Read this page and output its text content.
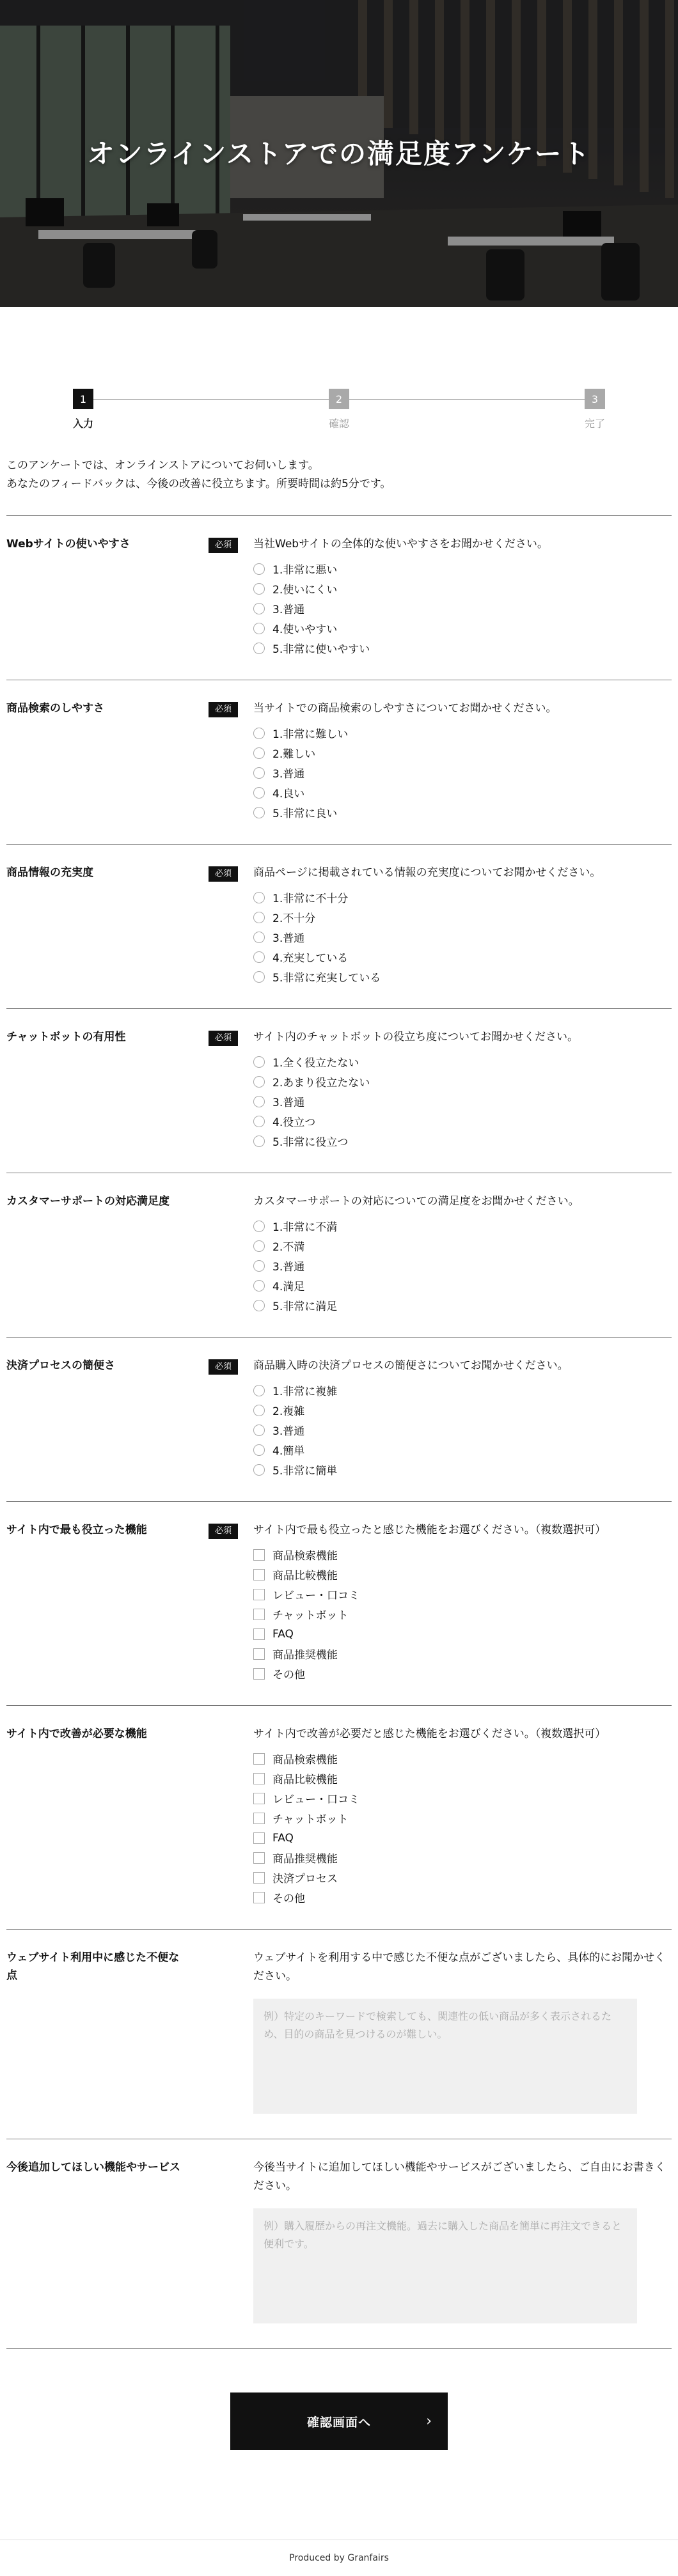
オンラインストアでの満足度アンケート
1
入力
2
確認
3
完了

このアンケートでは、オンラインストアについてお伺いします。

あなたのフィードバックは、今後の改善に役立ちます。所要時間は約5分です。

Webサイトの使いやすさ	必須	当社Webサイトの全体的な使いやすさをお聞かせください。

1.非常に悪い
2.使いにくい
3.普通
4.使いやすい
5.非常に使いやすい
商品検索のしやすさ	必須	当サイトでの商品検索のしやすさについてお聞かせください。

1.非常に難しい
2.難しい
3.普通
4.良い
5.非常に良い
商品情報の充実度	必須	商品ページに掲載されている情報の充実度についてお聞かせください。

1.非常に不十分
2.不十分
3.普通
4.充実している
5.非常に充実している
チャットボットの有用性	必須	サイト内のチャットボットの役立ち度についてお聞かせください。

1.全く役立たない
2.あまり役立たない
3.普通
4.役立つ
5.非常に役立つ
カスタマーサポートの対応満足度	カスタマーサポートの対応についての満足度をお聞かせください。

1.非常に不満
2.不満
3.普通
4.満足
5.非常に満足
決済プロセスの簡便さ	必須	商品購入時の決済プロセスの簡便さについてお聞かせください。

1.非常に複雑
2.複雑
3.普通
4.簡単
5.非常に簡単
サイト内で最も役立った機能	必須	サイト内で最も役立ったと感じた機能をお選びください。（複数選択可）

商品検索機能
商品比較機能
レビュー・口コミ
チャットボット
FAQ
商品推奨機能
その他
サイト内で改善が必要な機能	サイト内で改善が必要だと感じた機能をお選びください。（複数選択可）

商品検索機能
商品比較機能
レビュー・口コミ
チャットボット
FAQ
商品推奨機能
決済プロセス
その他
ウェブサイト利用中に感じた不便な点

ウェブサイトを利用する中で感じた不便な点がございましたら、具体的にお聞かせください。

例）特定のキーワードで検索しても、関連性の低い商品が多く表示されるため、目的の商品を見つけるのが難しい。
今後追加してほしい機能やサービス	今後当サイトに追加してほしい機能やサービスがございましたら、ご自由にお書きください。

例）購入履歴からの再注文機能。過去に購入した商品を簡単に再注文できると便利です。
確認画面へ	›
Produced by Granfairs
